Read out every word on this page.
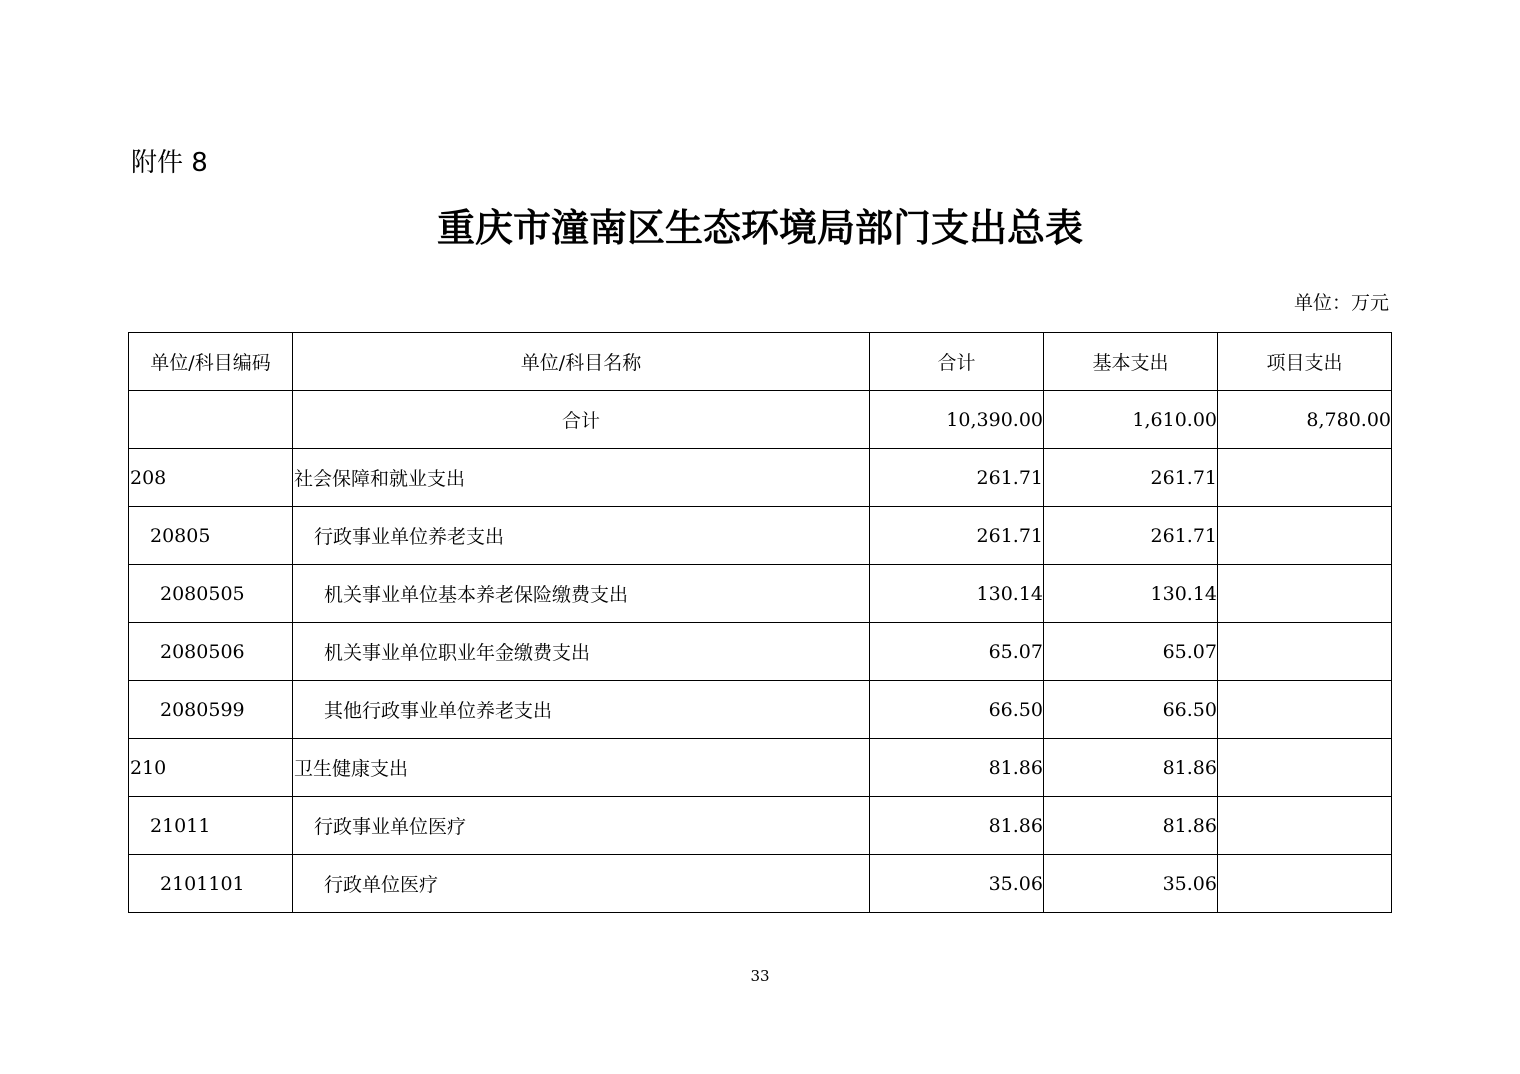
附件 8
重庆市潼南区生态环境局部门支出总表
单位：万元
单位/科目编码	单位/科目名称	合计	基本支出	项目支出
	合计	10,390.00	1,610.00	8,780.00
208	社会保障和就业支出	261.71	261.71	
20805	行政事业单位养老支出	261.71	261.71	
2080505	机关事业单位基本养老保险缴费支出	130.14	130.14	
2080506	机关事业单位职业年金缴费支出	65.07	65.07	
2080599	其他行政事业单位养老支出	66.50	66.50	
210	卫生健康支出	81.86	81.86	
21011	行政事业单位医疗	81.86	81.86	
2101101	行政单位医疗	35.06	35.06	
33
